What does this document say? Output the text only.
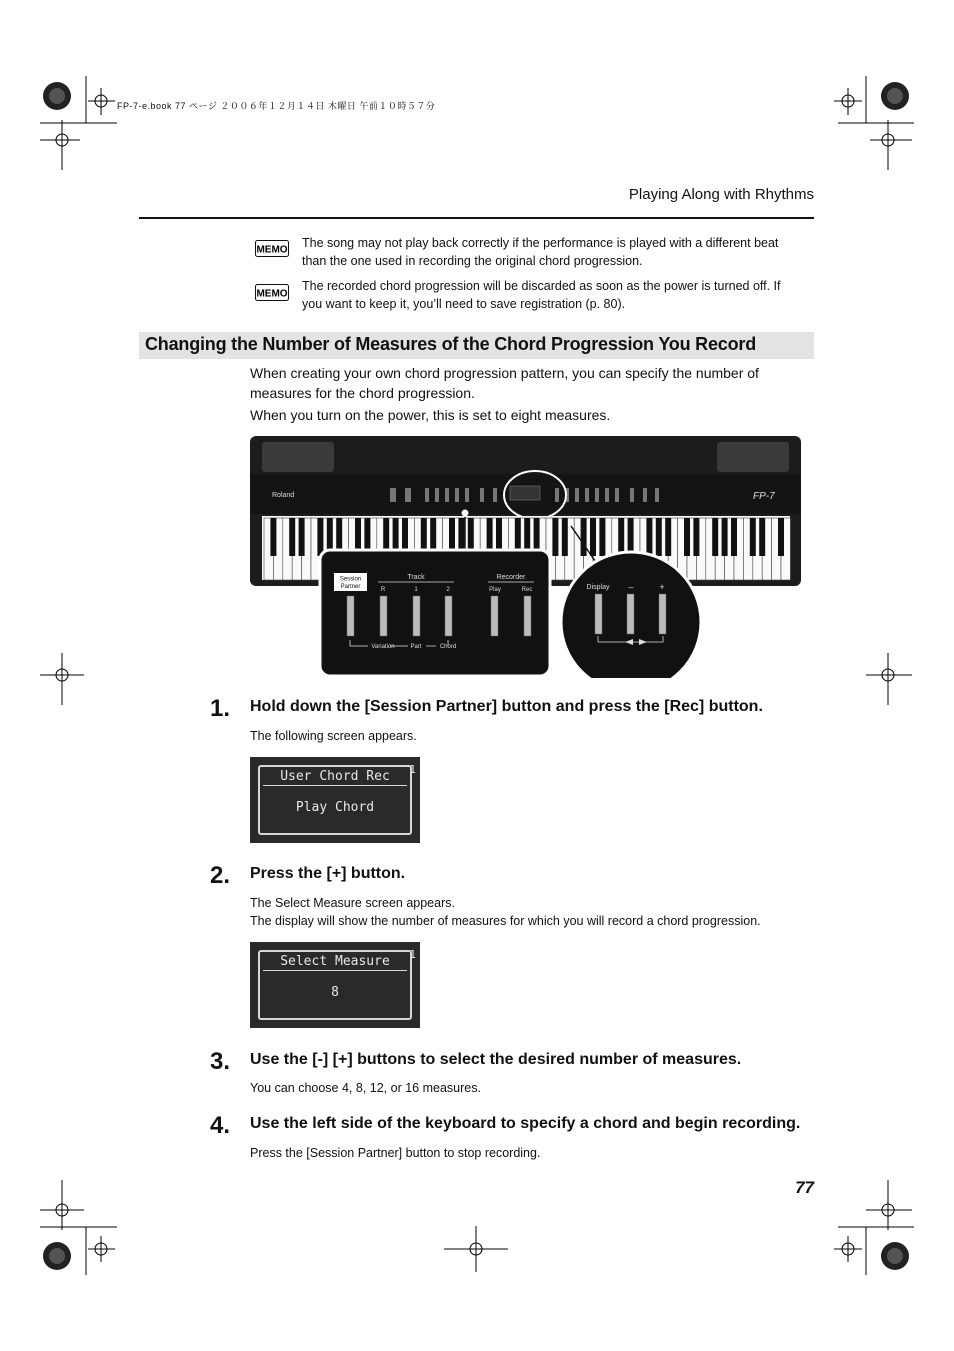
FP-7-e.book 77 ページ ２００６年１２月１４日 木曜日 午前１０時５７分
Playing Along with Rhythms
MEMO The song may not play back correctly if the performance is played with a different beat than the one used in recording the original chord progression.
MEMO
The recorded chord progression will be discarded as soon as the power is turned off. If you want to keep it, you’ll need to save registration (p. 80).
Changing the Number of Measures of the Chord Progression You Record
When creating your own chord progression pattern, you can specify the number of measures for the chord progression.
When you turn on the power, this is set to eight measures.
Roland	FP-7
Session
Partner
Track	Recorder
R	1	2	Play	Rec
Variation	Part	Chord
Display –	+
1.	Hold down the [Session Partner] button and press the [Rec] button.
The following screen appears.
User Chord Rec
Play Chord
1
2.	Press the [+] button.
The Select Measure screen appears.
The display will show the number of measures for which you will record a chord progression.
Select Measure
8
1
3.	Use the [-] [+] buttons to select the desired number of measures.
You can choose 4, 8, 12, or 16 measures.
4.	Use the left side of the keyboard to specify a chord and begin recording.
Press the [Session Partner] button to stop recording.
77
